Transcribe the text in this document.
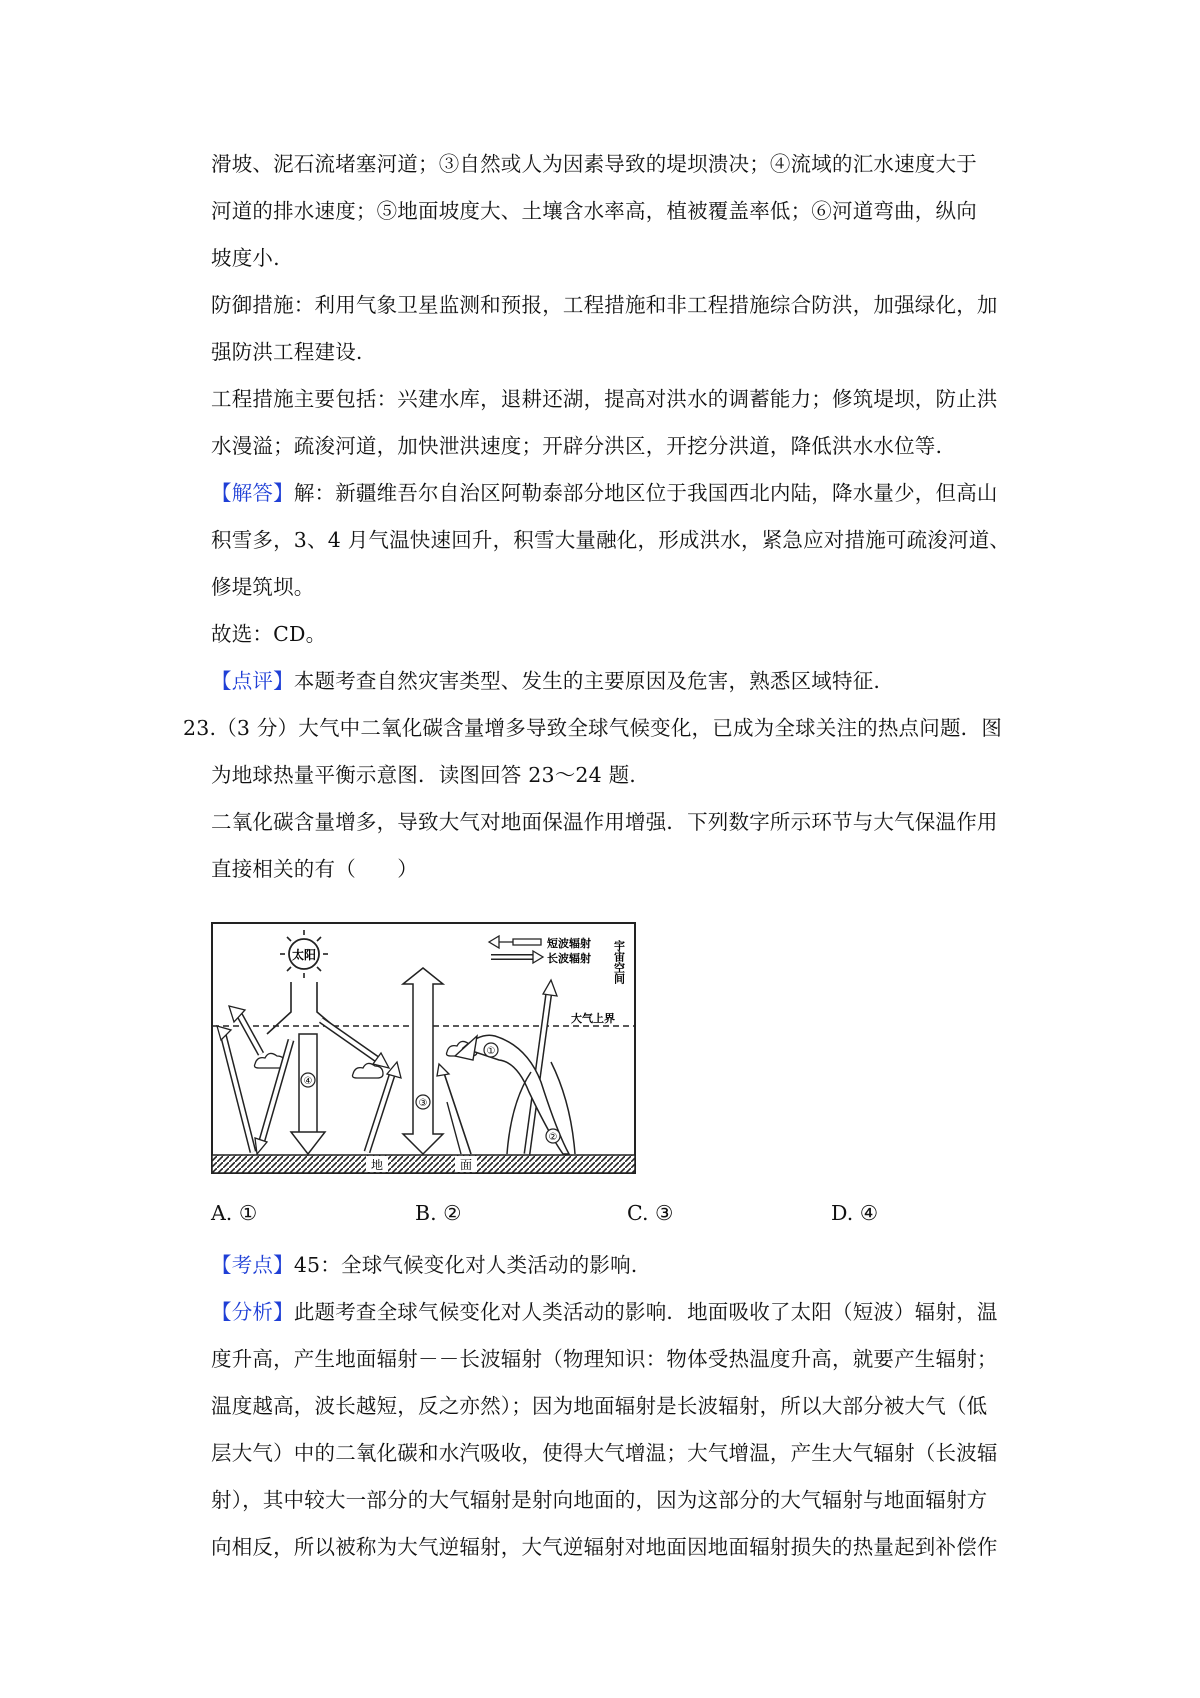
滑坡、泥石流堵塞河道；③自然或人为因素导致的堤坝溃决；④流域的汇水速度大于
河道的排水速度；⑤地面坡度大、土壤含水率高，植被覆盖率低；⑥河道弯曲，纵向
坡度小.
防御措施：利用气象卫星监测和预报，工程措施和非工程措施综合防洪，加强绿化，加
强防洪工程建设.
工程措施主要包括：兴建水库，退耕还湖，提高对洪水的调蓄能力；修筑堤坝，防止洪
水漫溢；疏浚河道，加快泄洪速度；开辟分洪区，开挖分洪道，降低洪水水位等.
【解答】解：新疆维吾尔自治区阿勒泰部分地区位于我国西北内陆，降水量少，但高山
积雪多，3、4 月气温快速回升，积雪大量融化，形成洪水，紧急应对措施可疏浚河道、
修堤筑坝。
故选：CD。
【点评】本题考查自然灾害类型、发生的主要原因及危害，熟悉区域特征.
23.（3 分）大气中二氧化碳含量增多导致全球气候变化，已成为全球关注的热点问题．图
为地球热量平衡示意图．读图回答 23～24 题.
二氧化碳含量增多，导致大气对地面保温作用增强．下列数字所示环节与大气保温作用
直接相关的有（　　）
地	面
大气上界
短波辐射
长波辐射 宇宙空间
太阳
④
③
①
②
A. ①	B. ②	C. ③	D. ④
【考点】45：全球气候变化对人类活动的影响.
【分析】此题考查全球气候变化对人类活动的影响．地面吸收了太阳（短波）辐射，温
度升高，产生地面辐射－－长波辐射（物理知识：物体受热温度升高，就要产生辐射；
温度越高，波长越短，反之亦然）；因为地面辐射是长波辐射，所以大部分被大气（低
层大气）中的二氧化碳和水汽吸收，使得大气增温；大气增温，产生大气辐射（长波辐
射），其中较大一部分的大气辐射是射向地面的，因为这部分的大气辐射与地面辐射方
向相反，所以被称为大气逆辐射，大气逆辐射对地面因地面辐射损失的热量起到补偿作
